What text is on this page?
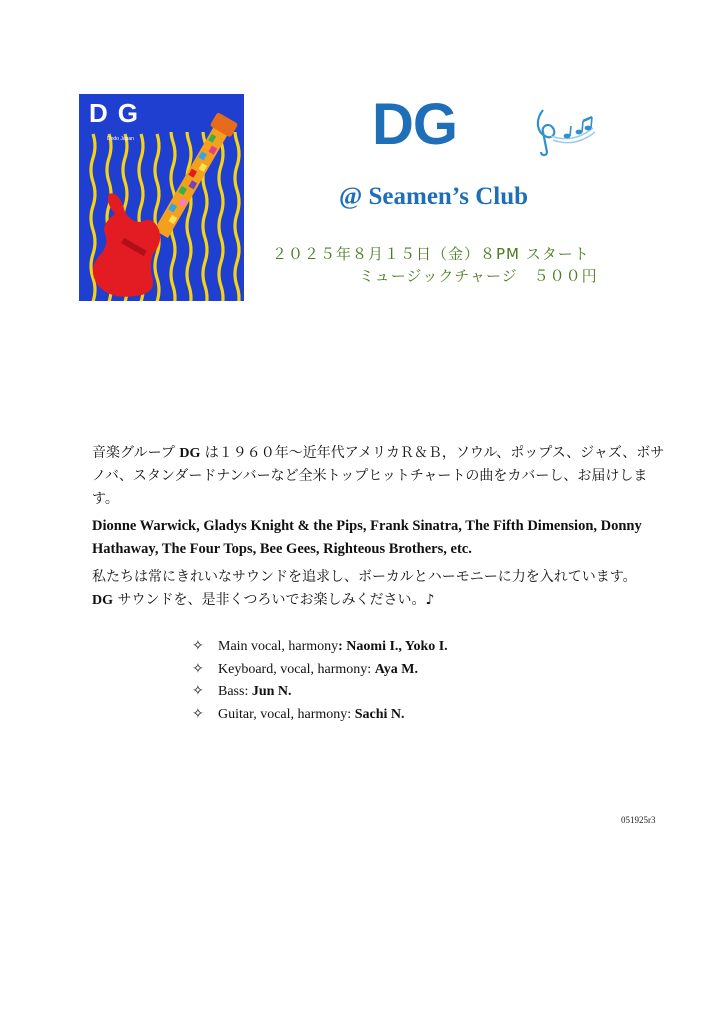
DG
Dodo Japan	DG
@ Seamen’s Club
２０２５年８月１５日（金）８PM スタート
ミュージックチャージ　５００円
音楽グループ DG は１９６０年～近年代アメリカＲ＆Ｂ，ソウル、ポップス、ジャズ、ボサノバ、スタンダードナンバーなど全米トップヒットチャートの曲をカバーし、お届けします。
Dionne Warwick, Gladys Knight & the Pips, Frank Sinatra, The Fifth Dimension, Donny Hathaway, The Four Tops, Bee Gees, Righteous Brothers, etc.
私たちは常にきれいなサウンドを追求し、ボーカルとハーモニーに力を入れています。
DG サウンドを、是非くつろいでお楽しみください。♪
✧ Main vocal, harmony: Naomi I., Yoko I.
✧ Keyboard, vocal, harmony: Aya M.
✧ Bass: Jun N.
✧ Guitar, vocal, harmony: Sachi N.
051925r3
